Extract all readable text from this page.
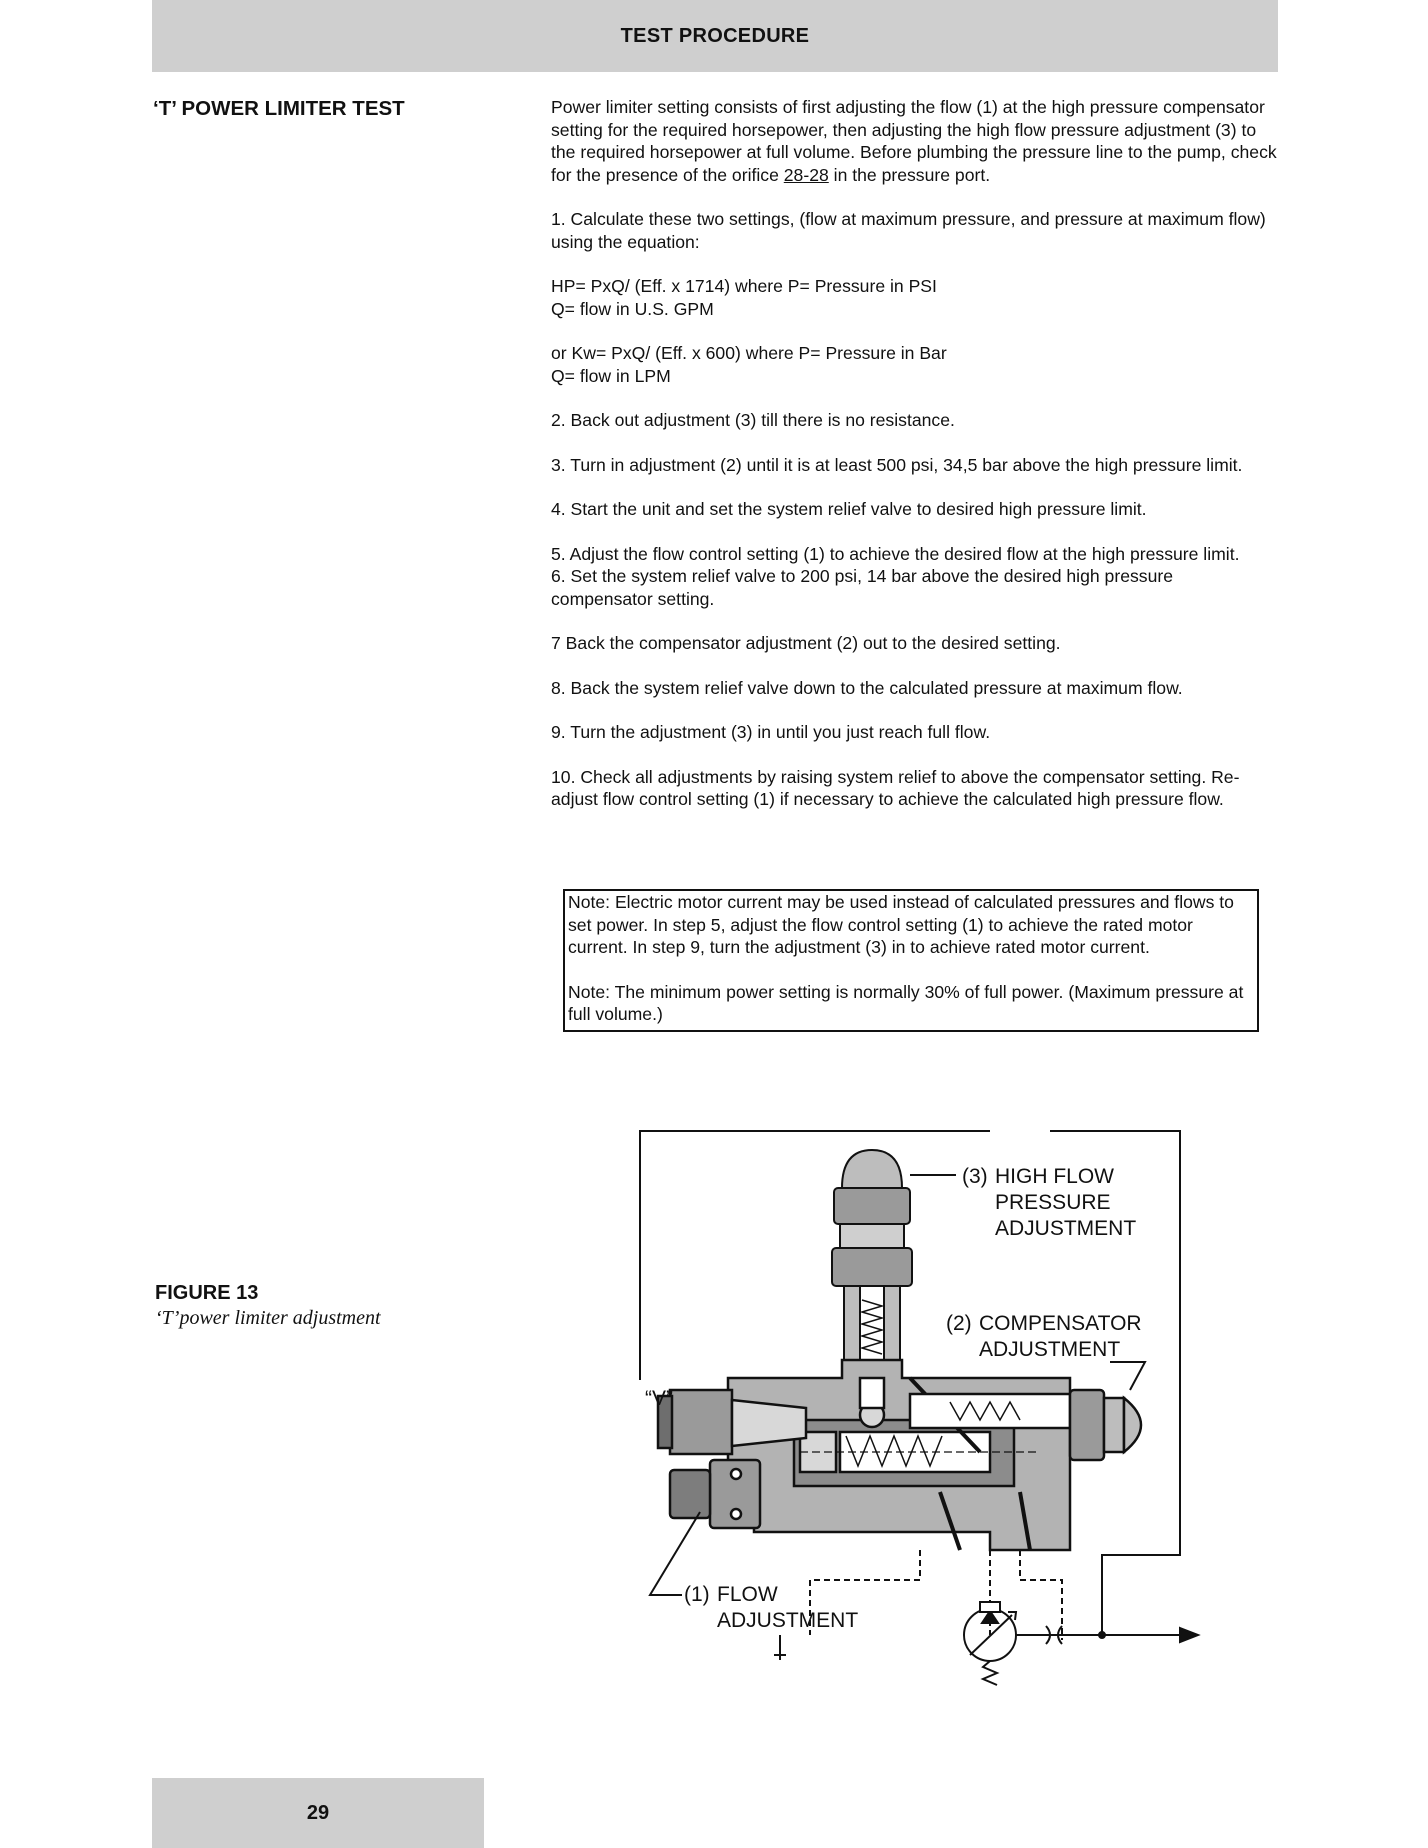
TEST PROCEDURE
‘T’ POWER LIMITER TEST	Power limiter setting consists of first adjusting the flow (1) at the high pressure compensator setting for the required horsepower, then adjusting the high flow pressure adjustment (3) to the required horsepower at full volume. Before plumbing the pressure line to the pump, check for the presence of the orifice 28-28 in the pressure port.

1. Calculate these two settings, (flow at maximum pressure, and pressure at maximum flow) using the equation:

HP= PxQ/ (Eff. x 1714) where P= Pressure in PSI
Q= flow in U.S. GPM

or Kw= PxQ/ (Eff. x 600) where P= Pressure in Bar
Q= flow in LPM

2. Back out adjustment (3) till there is no resistance.

3. Turn in adjustment (2) until it is at least 500 psi, 34,5 bar above the high pressure limit.

4. Start the unit and set the system relief valve to desired high pressure limit.

5. Adjust the flow control setting (1) to achieve the desired flow at the high pressure limit.

6. Set the system relief valve to 200 psi, 14 bar above the desired high pressure compensator setting.

7 Back the compensator adjustment (2) out to the desired setting.

8. Back the system relief valve down to the calculated pressure at maximum flow.

9. Turn the adjustment (3) in until you just reach full flow.

10. Check all adjustments by raising system relief to above the compensator setting. Re-adjust flow control setting (1) if necessary to achieve the calculated high pressure flow.

Note: Electric motor current may be used instead of calculated pressures and flows to set power. In step 5, adjust the flow control setting (1) to achieve the rated motor current. In step 9, turn the adjustment (3) in to achieve rated motor current.

Note: The minimum power setting is normally 30% of full power. (Maximum pressure at full volume.)

FIGURE 13
‘T’power limiter adjustment
(3) HIGH FLOW PRESSURE ADJUSTMENT
(2) COMPENSATOR ADJUSTMENT
“V”
(1) FLOW ADJUSTMENT
29
